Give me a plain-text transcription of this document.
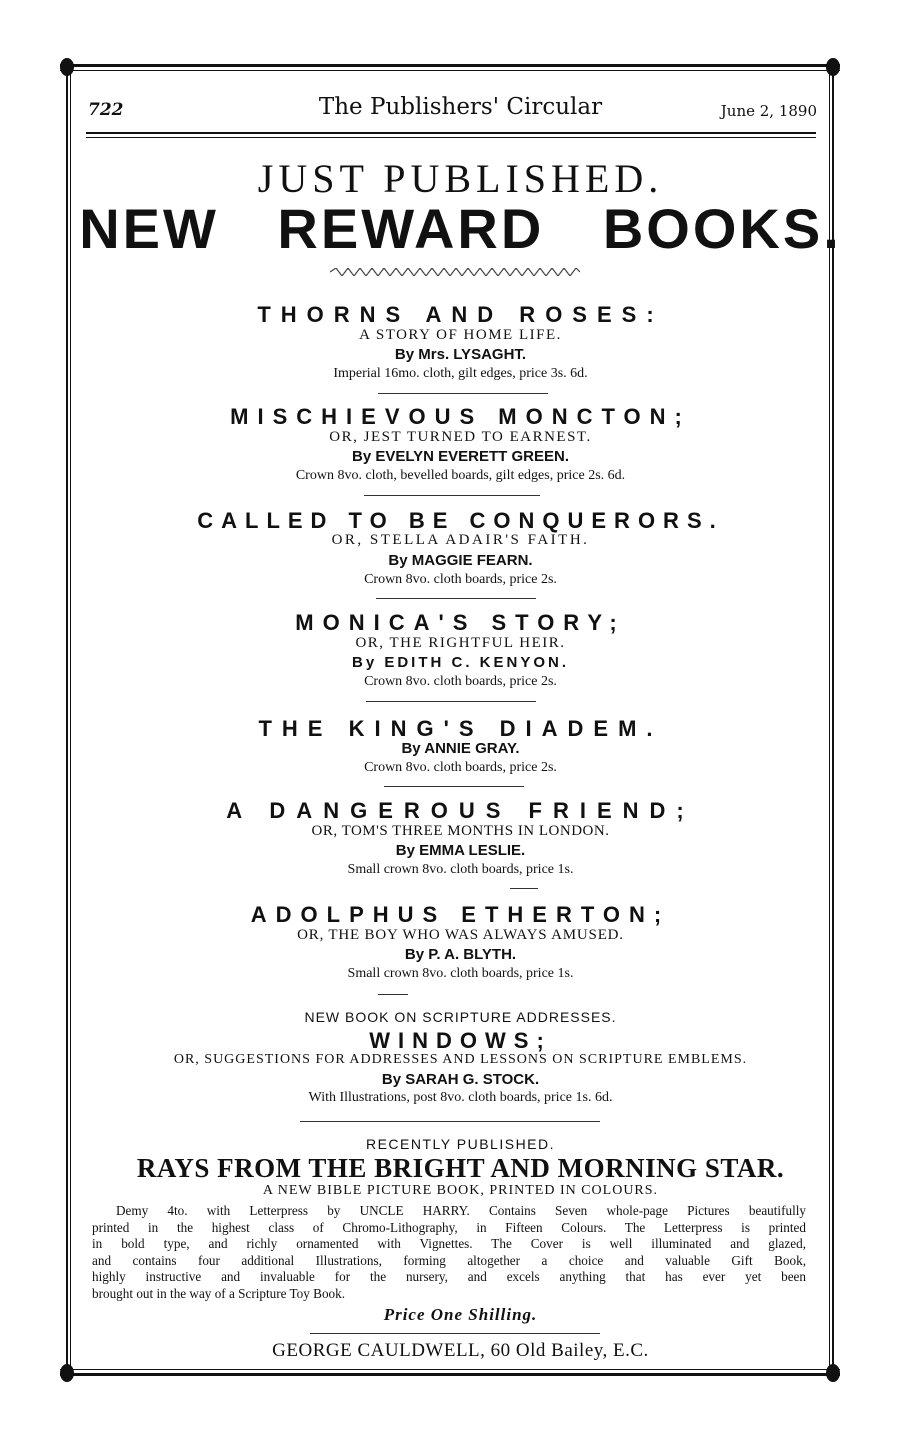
722	The Publishers' Circular	June 2, 1890
JUST PUBLISHED.
NEW REWARD BOOKS.
THORNS AND ROSES:
A STORY OF HOME LIFE.
By Mrs. LYSAGHT.
Imperial 16mo. cloth, gilt edges, price 3s. 6d.
MISCHIEVOUS MONCTON;
OR, JEST TURNED TO EARNEST.
By EVELYN EVERETT GREEN.
Crown 8vo. cloth, bevelled boards, gilt edges, price 2s. 6d.
CALLED TO BE CONQUERORS.
OR, STELLA ADAIR'S FAITH.
By MAGGIE FEARN.
Crown 8vo. cloth boards, price 2s.
MONICA'S STORY;
OR, THE RIGHTFUL HEIR.
By EDITH C. KENYON.
Crown 8vo. cloth boards, price 2s.
THE KING'S DIADEM.
By ANNIE GRAY.
Crown 8vo. cloth boards, price 2s.
A DANGEROUS FRIEND;
OR, TOM'S THREE MONTHS IN LONDON.
By EMMA LESLIE.
Small crown 8vo. cloth boards, price 1s.
ADOLPHUS ETHERTON;
OR, THE BOY WHO WAS ALWAYS AMUSED.
By P. A. BLYTH.
Small crown 8vo. cloth boards, price 1s.
NEW BOOK ON SCRIPTURE ADDRESSES.
WINDOWS;
OR, SUGGESTIONS FOR ADDRESSES AND LESSONS ON SCRIPTURE EMBLEMS.
By SARAH G. STOCK.
With Illustrations, post 8vo. cloth boards, price 1s. 6d.
RECENTLY PUBLISHED.
RAYS FROM THE BRIGHT AND MORNING STAR.
A NEW BIBLE PICTURE BOOK, PRINTED IN COLOURS.
Demy 4to. with Letterpress by UNCLE HARRY. Contains Seven whole-page Pictures beautifully
printed in the highest class of Chromo-Lithography, in Fifteen Colours. The Letterpress is printed
in bold type, and richly ornamented with Vignettes. The Cover is well illuminated and glazed,
and contains four additional Illustrations, forming altogether a choice and valuable Gift Book,
highly instructive and invaluable for the nursery, and excels anything that has ever yet been
brought out in the way of a Scripture Toy Book.
Price One Shilling.
GEORGE CAULDWELL, 60 Old Bailey, E.C.
